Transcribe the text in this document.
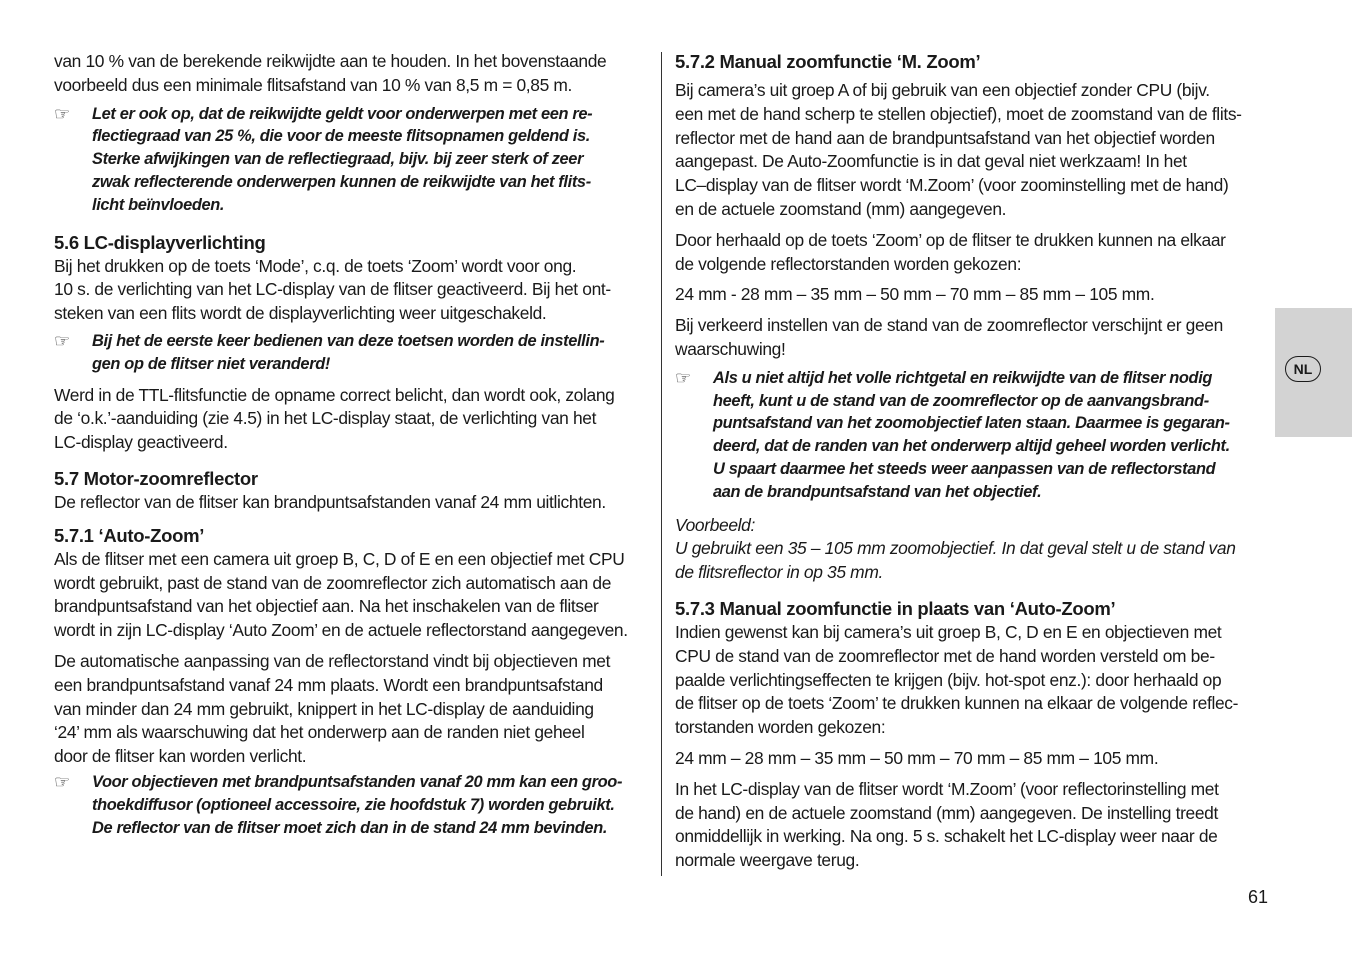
van 10 % van de berekende reikwijdte aan te houden. In het bovenstaande
voorbeeld dus een minimale flitsafstand van 10 % van 8,5 m = 0,85 m.

☞	Let er ook op, dat de reikwijdte geldt voor onderwerpen met een re-
flectiegraad van 25 %, die voor de meeste flitsopnamen geldend is.
Sterke afwijkingen van de reflectiegraad, bijv. bij zeer sterk of zeer
zwak reflecterende onderwerpen kunnen de reikwijdte van het flits-
licht beïnvloeden.
5.6 LC-displayverlichting

Bij het drukken op de toets ‘Mode’, c.q. de toets ‘Zoom’ wordt voor ong.
10 s. de verlichting van het LC-display van de flitser geactiveerd. Bij het ont-
steken van een flits wordt de displayverlichting weer uitgeschakeld.

☞	Bij het de eerste keer bedienen van deze toetsen worden de instellin-
gen op de flitser niet veranderd!

Werd in de TTL-flitsfunctie de opname correct belicht, dan wordt ook, zolang
de ‘o.k.’-aanduiding (zie 4.5) in het LC-display staat, de verlichting van het
LC-display geactiveerd.

5.7 Motor-zoomreflector

De reflector van de flitser kan brandpuntsafstanden vanaf 24 mm uitlichten.

5.7.1 ‘Auto-Zoom’

Als de flitser met een camera uit groep B, C, D of E en een objectief met CPU
wordt gebruikt, past de stand van de zoomreflector zich automatisch aan de
brandpuntsafstand van het objectief aan. Na het inschakelen van de flitser
wordt in zijn LC-display ‘Auto Zoom’ en de actuele reflectorstand aangegeven.

De automatische aanpassing van de reflectorstand vindt bij objectieven met
een brandpuntsafstand vanaf 24 mm plaats. Wordt een brandpuntsafstand
van minder dan 24 mm gebruikt, knippert in het LC-display de aanduiding
‘24’ mm als waarschuwing dat het onderwerp aan de randen niet geheel
door de flitser kan worden verlicht.

☞	Voor objectieven met brandpuntsafstanden vanaf 20 mm kan een groo-
thoekdiffusor (optioneel accessoire, zie hoofdstuk 7) worden gebruikt.
De reflector van de flitser moet zich dan in de stand 24 mm bevinden.
5.7.2 Manual zoomfunctie ‘M. Zoom’

Bij camera’s uit groep A of bij gebruik van een objectief zonder CPU (bijv.
een met de hand scherp te stellen objectief), moet de zoomstand van de flits-
reflector met de hand aan de brandpuntsafstand van het objectief worden
aangepast. De Auto-Zoomfunctie is in dat geval niet werkzaam! In het
LC–display van de flitser wordt ‘M.Zoom’ (voor zoominstelling met de hand)
en de actuele zoomstand (mm) aangegeven.

Door herhaald op de toets ‘Zoom’ op de flitser te drukken kunnen na elkaar
de volgende reflectorstanden worden gekozen:

24 mm - 28 mm – 35 mm – 50 mm – 70 mm – 85 mm – 105 mm.

Bij verkeerd instellen van de stand van de zoomreflector verschijnt er geen
waarschuwing!

☞	Als u niet altijd het volle richtgetal en reikwijdte van de flitser nodig
heeft, kunt u de stand van de zoomreflector op de aanvangsbrand-
puntsafstand van het zoomobjectief laten staan. Daarmee is gegaran-
deerd, dat de randen van het onderwerp altijd geheel worden verlicht.
U spaart daarmee het steeds weer aanpassen van de reflectorstand
aan de brandpuntsafstand van het objectief.

Voorbeeld:
U gebruikt een 35 – 105 mm zoomobjectief. In dat geval stelt u de stand van
de flitsreflector in op 35 mm.

5.7.3 Manual zoomfunctie in plaats van ‘Auto-Zoom’

Indien gewenst kan bij camera’s uit groep B, C, D en E en objectieven met
CPU de stand van de zoomreflector met de hand worden versteld om be-
paalde verlichtingseffecten te krijgen (bijv. hot-spot enz.): door herhaald op
de flitser op de toets ‘Zoom’ te drukken kunnen na elkaar de volgende reflec-
torstanden worden gekozen:

24 mm – 28 mm – 35 mm – 50 mm – 70 mm – 85 mm – 105 mm.

In het LC-display van de flitser wordt ‘M.Zoom’ (voor reflectorinstelling met
de hand) en de actuele zoomstand (mm) aangegeven. De instelling treedt
onmiddellijk in werking. Na ong. 5 s. schakelt het LC-display weer naar de
normale weergave terug.

NL
61
